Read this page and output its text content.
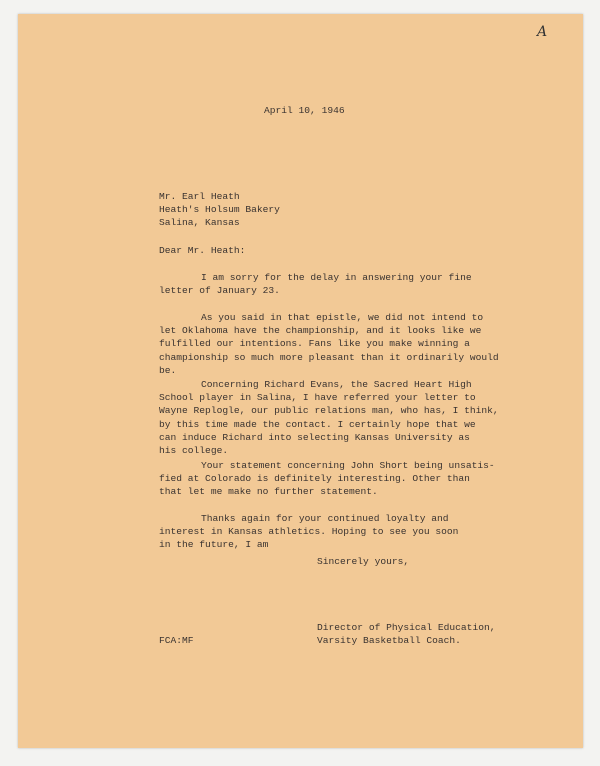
A

April 10, 1946

Mr. Earl Heath

Heath's Holsum Bakery

Salina, Kansas

Dear Mr. Heath:

I am sorry for the delay in answering your fine
letter of January 23.

As you said in that epistle, we did not intend to
let Oklahoma have the championship, and it looks like we
fulfilled our intentions. Fans like you make winning a
championship so much more pleasant than it ordinarily would
be.

Concerning Richard Evans, the Sacred Heart High
School player in Salina, I have referred your letter to
Wayne Replogle, our public relations man, who has, I think,
by this time made the contact. I certainly hope that we
can induce Richard into selecting Kansas University as
his college.

Your statement concerning John Short being unsatis-
fied at Colorado is definitely interesting. Other than
that let me make no further statement.

Thanks again for your continued loyalty and
interest in Kansas athletics. Hoping to see you soon
in the future, I am

Sincerely yours,

Director of Physical Education,

Varsity Basketball Coach.

FCA:MF
